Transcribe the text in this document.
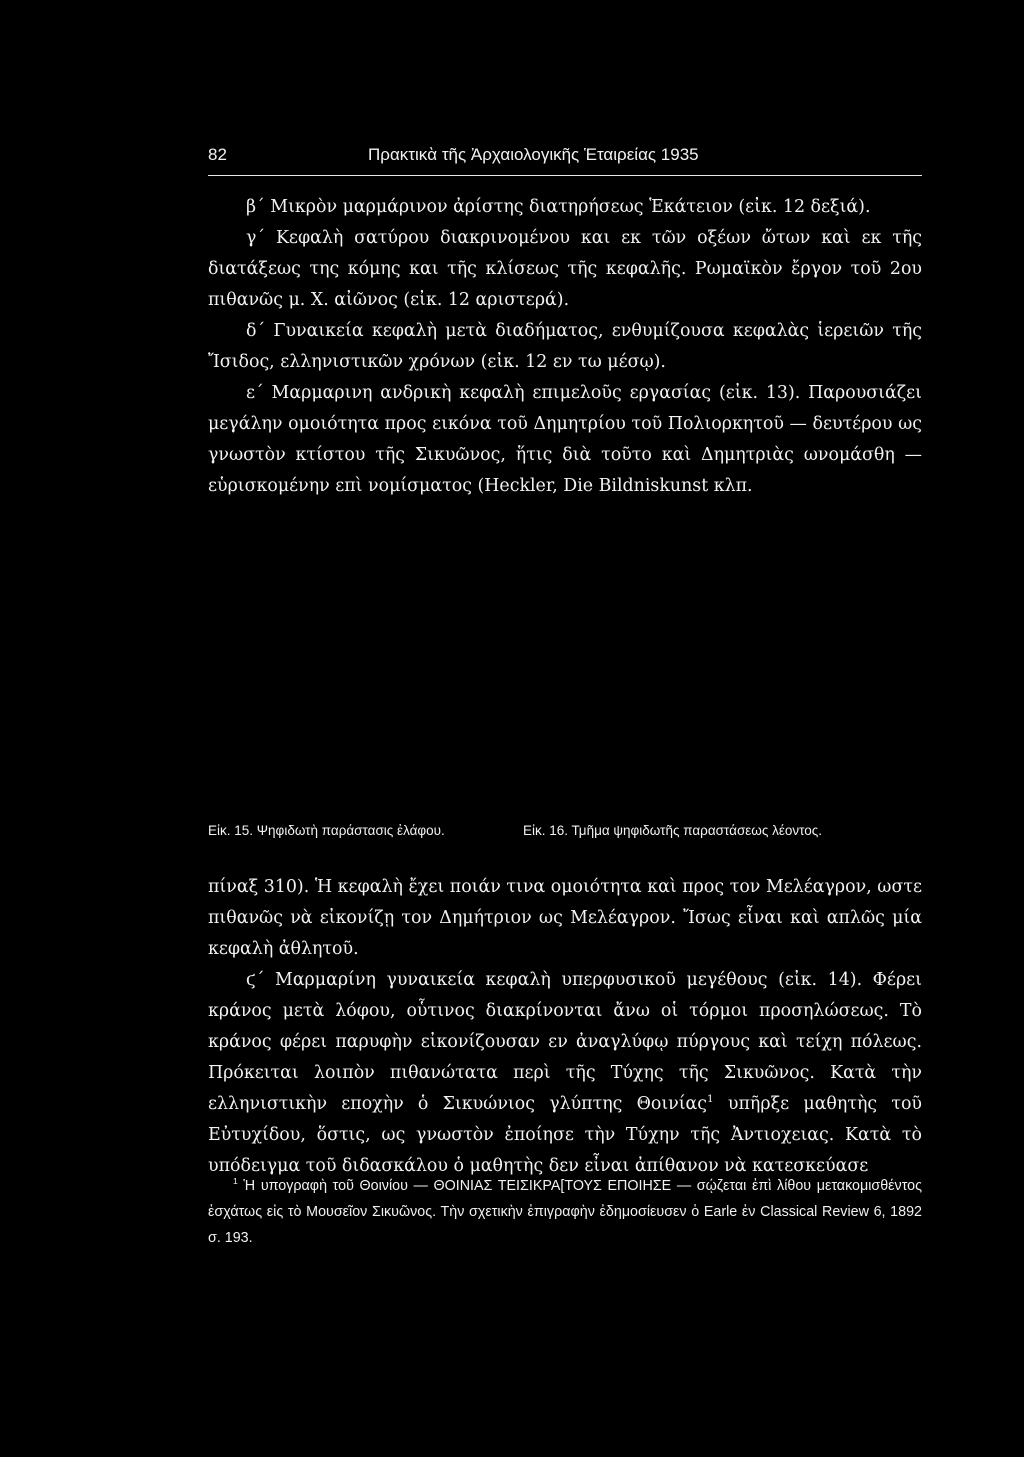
82	Πρακτικὰ τῆς Ἀρχαιολογικῆς Ἑταιρείας 1935

β΄ Μικρὸν μαρμάρινον ἀρίστης διατηρήσεως Ἑκάτειον (εἰκ. 12 δεξιά).

γ΄ Κεφαλὴ σατύρου διακρινομένου και εκ τῶν οξέων ὤτων καὶ εκ τῆς διατάξεως της κόμης και τῆς κλίσεως τῆς κεφαλῆς. Ρωμαϊκὸν ἔργον τοῦ 2ου πιθανῶς μ. Χ. αἰῶνος (εἰκ. 12 αριστερά).

δ΄ Γυναικεία κεφαλὴ μετὰ διαδήματος, ενθυμίζουσα κεφαλὰς ἱερειῶν τῆς Ἴσιδος, ελληνιστικῶν χρόνων (εἰκ. 12 εν τω μέσῳ).

ε΄ Μαρμαρινη ανδρικὴ κεφαλὴ επιμελοῦς εργασίας (εἰκ. 13). Παρουσιάζει μεγάλην ομοιότητα προς εικόνα τοῦ Δημητρίου τοῦ Πολιορκητοῦ — δευτέρου ως γνωστὸν κτίστου τῆς Σικυῶνος, ἥτις διὰ τοῦτο καὶ Δημητριὰς ωνομάσθη — εὑρισκομένην επὶ νομίσματος (Heckler, Die Bildniskunst κλπ.

Εἰκ. 15. Ψηφιδωτὴ παράστασις ἐλάφου.	Εἰκ. 16. Τμῆμα ψηφιδωτῆς παραστάσεως λέοντος.

πίναξ 310). Ἡ κεφαλὴ ἔχει ποιάν τινα ομοιότητα καὶ προς τον Μελέαγρον, ωστε πιθανῶς νὰ εἰκονίζῃ τον Δημήτριον ως Μελέαγρον. Ἴσως εἶναι καὶ απλῶς μία κεφαλὴ ἀθλητοῦ.

ϛ΄ Μαρμαρίνη γυναικεία κεφαλὴ υπερφυσικοῦ μεγέθους (εἰκ. 14). Φέρει κράνος μετὰ λόφου, οὗτινος διακρίνονται ἄνω οἱ τόρμοι προσηλώσεως. Τὸ κράνος φέρει παρυφὴν εἰκονίζουσαν εν ἀναγλύφῳ πύργους καὶ τείχη πόλεως. Πρόκειται λοιπὸν πιθανώτατα περὶ τῆς Τύχης τῆς Σικυῶνος. Κατὰ τὴν ελληνιστικὴν εποχὴν ὁ Σικυώνιος γλύπτης Θοινίας$^1$ υπῆρξε μαθητὴς τοῦ Εὐτυχίδου, ὅστις, ως γνωστὸν ἐποίησε τὴν Τύχην τῆς Ἀντιοχειας. Κατὰ τὸ υπόδειγμα τοῦ διδασκάλου ὁ μαθητὴς δεν εἶναι ἀπίθανον νὰ κατεσκεύασε

$^1$ Ἡ υπογραφὴ τοῦ Θοινίου — ΘΟΙΝΙΑΣ ΤΕΙΣΙΚΡΑ[ΤΟΥΣ ΕΠΟΙΗΣΕ — σῴζεται ἐπὶ λίθου μετακομισθέντος ἐσχάτως εἰς τὸ Μουσεῖον Σικυῶνος. Τὴν σχετικὴν ἐπιγραφὴν ἐδημοσίευσεν ὁ Earle ἐν Classical Review 6, 1892 σ. 193.
